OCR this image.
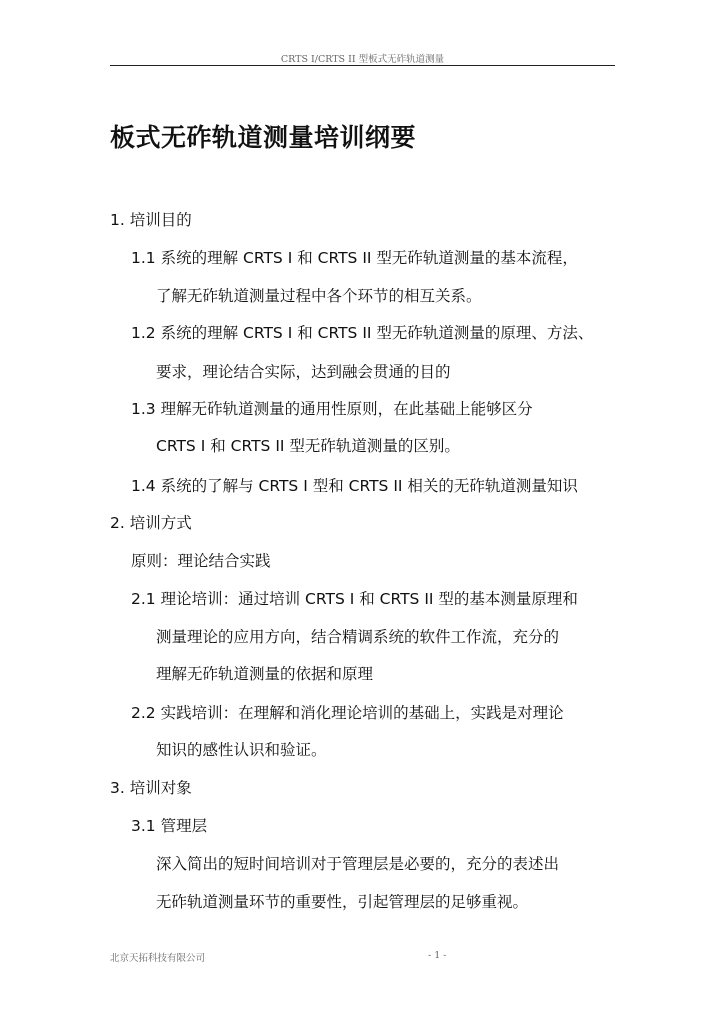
CRTS I/CRTS II 型板式无砟轨道测量
板式无砟轨道测量培训纲要
1. 培训目的
1.1 系统的理解 CRTS I 和 CRTS II 型无砟轨道测量的基本流程，
了解无砟轨道测量过程中各个环节的相互关系。
1.2 系统的理解 CRTS I 和 CRTS II 型无砟轨道测量的原理、方法、
要求，理论结合实际，达到融会贯通的目的
1.3 理解无砟轨道测量的通用性原则，在此基础上能够区分
CRTS I 和 CRTS II 型无砟轨道测量的区别。
1.4 系统的了解与 CRTS I 型和 CRTS II 相关的无砟轨道测量知识
2. 培训方式
原则：理论结合实践
2.1 理论培训：通过培训 CRTS I 和 CRTS II 型的基本测量原理和
测量理论的应用方向，结合精调系统的软件工作流，充分的
理解无砟轨道测量的依据和原理
2.2 实践培训：在理解和消化理论培训的基础上，实践是对理论
知识的感性认识和验证。
3. 培训对象
3.1 管理层
深入简出的短时间培训对于管理层是必要的，充分的表述出
无砟轨道测量环节的重要性，引起管理层的足够重视。
北京天拓科技有限公司	- 1 -
